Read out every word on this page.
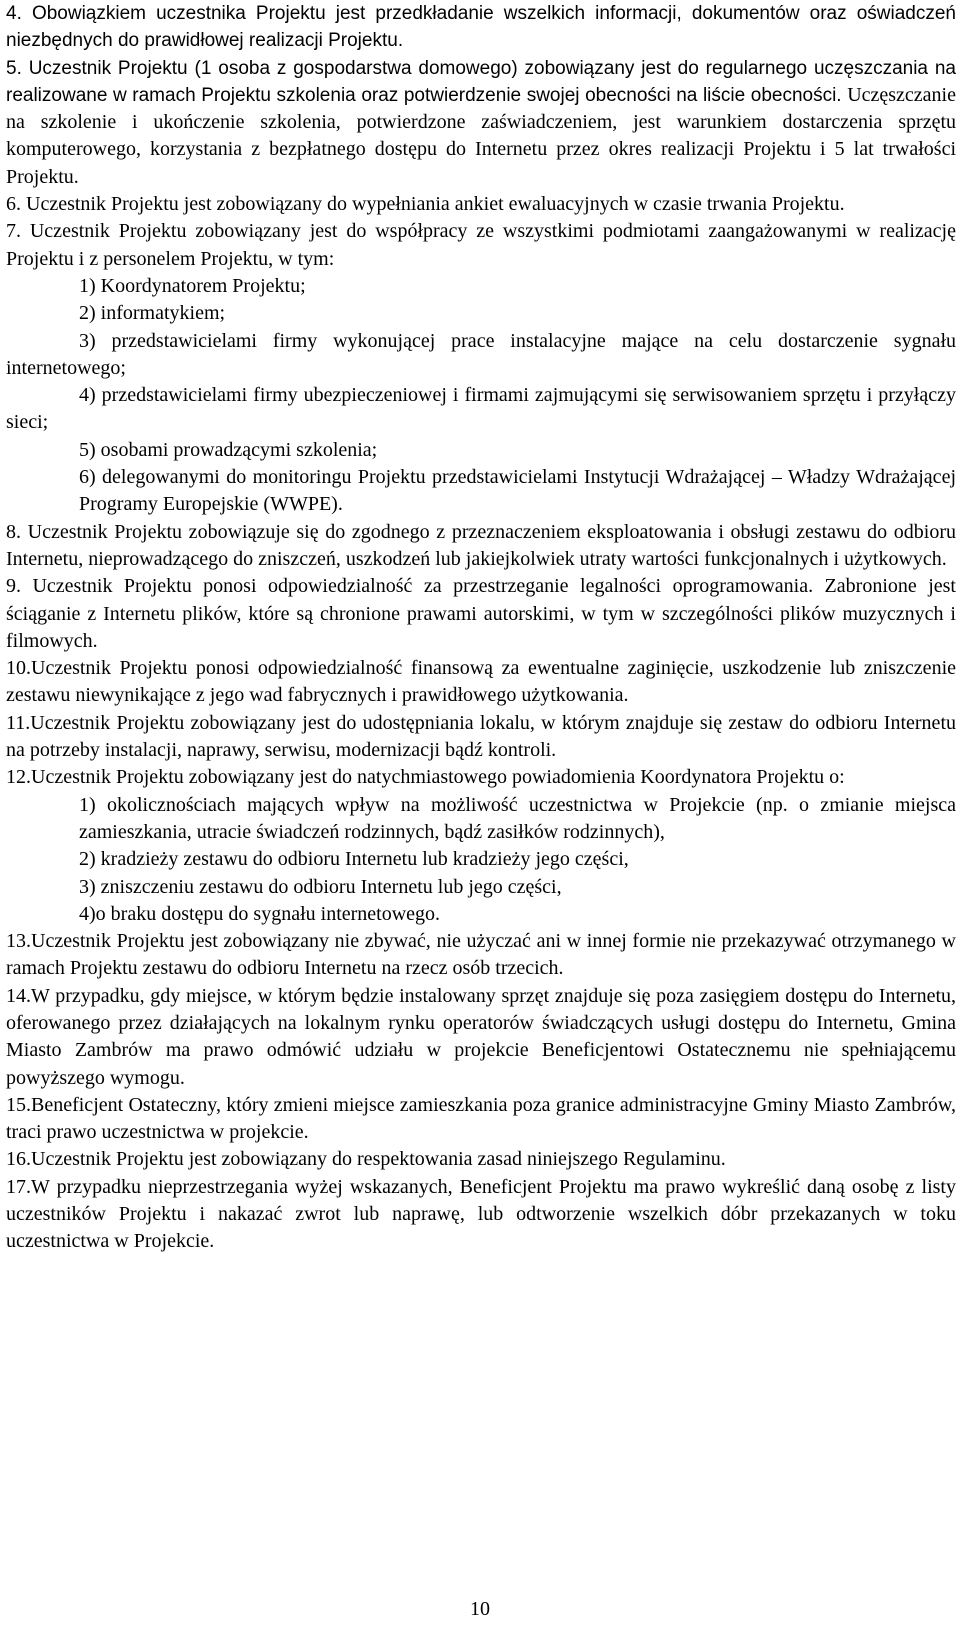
4. Obowiązkiem uczestnika Projektu jest przedkładanie wszelkich informacji, dokumentów oraz oświadczeń niezbędnych do prawidłowej realizacji Projektu.

5. Uczestnik Projektu (1 osoba z gospodarstwa domowego) zobowiązany jest do regularnego uczęszczania na realizowane w ramach Projektu szkolenia oraz potwierdzenie swojej obecności na liście obecności. Uczęszczanie na szkolenie i ukończenie szkolenia, potwierdzone zaświadczeniem, jest warunkiem dostarczenia sprzętu komputerowego, korzystania z bezpłatnego dostępu do Internetu przez okres realizacji Projektu i 5 lat trwałości Projektu.

6. Uczestnik Projektu jest zobowiązany do wypełniania ankiet ewaluacyjnych w czasie trwania Projektu.

7. Uczestnik Projektu zobowiązany jest do współpracy ze wszystkimi podmiotami zaangażowanymi w realizację Projektu i z personelem Projektu, w tym:

1) Koordynatorem Projektu;

2) informatykiem;

3) przedstawicielami firmy wykonującej prace instalacyjne mające na celu dostarczenie sygnału internetowego;

4) przedstawicielami firmy ubezpieczeniowej i firmami zajmującymi się serwisowaniem sprzętu i przyłączy sieci;

5) osobami prowadzącymi szkolenia;

6) delegowanymi do monitoringu Projektu przedstawicielami Instytucji Wdrażającej – Władzy Wdrażającej Programy Europejskie (WWPE).

8. Uczestnik Projektu zobowiązuje się do zgodnego z przeznaczeniem eksploatowania i obsługi zestawu do odbioru Internetu, nieprowadzącego do zniszczeń, uszkodzeń lub jakiejkolwiek utraty wartości funkcjonalnych i użytkowych.

9. Uczestnik Projektu ponosi odpowiedzialność za przestrzeganie legalności oprogramowania. Zabronione jest ściąganie z Internetu plików, które są chronione prawami autorskimi, w tym w szczególności plików muzycznych i filmowych.

10.Uczestnik Projektu ponosi odpowiedzialność finansową za ewentualne zaginięcie, uszkodzenie lub zniszczenie zestawu niewynikające z jego wad fabrycznych i prawidłowego użytkowania.

11.Uczestnik Projektu zobowiązany jest do udostępniania lokalu, w którym znajduje się zestaw do odbioru Internetu na potrzeby instalacji, naprawy, serwisu, modernizacji bądź kontroli.

12.Uczestnik Projektu zobowiązany jest do natychmiastowego powiadomienia Koordynatora Projektu o:

1) okolicznościach mających wpływ na możliwość uczestnictwa w Projekcie (np. o zmianie miejsca zamieszkania, utracie świadczeń rodzinnych, bądź zasiłków rodzinnych),

2) kradzieży zestawu do odbioru Internetu lub kradzieży jego części,

3) zniszczeniu zestawu do odbioru Internetu lub jego części,

4)o braku dostępu do sygnału internetowego.

13.Uczestnik Projektu jest zobowiązany nie zbywać, nie użyczać ani w innej formie nie przekazywać otrzymanego w ramach Projektu zestawu do odbioru Internetu na rzecz osób trzecich.

14.W przypadku, gdy miejsce, w którym będzie instalowany sprzęt znajduje się poza zasięgiem dostępu do Internetu, oferowanego przez działających na lokalnym rynku operatorów świadczących usługi dostępu do Internetu, Gmina Miasto Zambrów ma prawo odmówić udziału w projekcie Beneficjentowi Ostatecznemu nie spełniającemu powyższego wymogu.

15.Beneficjent Ostateczny, który zmieni miejsce zamieszkania poza granice administracyjne Gminy Miasto Zambrów, traci prawo uczestnictwa w projekcie.

16.Uczestnik Projektu jest zobowiązany do respektowania zasad niniejszego Regulaminu.

17.W przypadku nieprzestrzegania wyżej wskazanych, Beneficjent Projektu ma prawo wykreślić daną osobę z listy uczestników Projektu i nakazać zwrot lub naprawę, lub odtworzenie wszelkich dóbr przekazanych w toku uczestnictwa w Projekcie.

10
